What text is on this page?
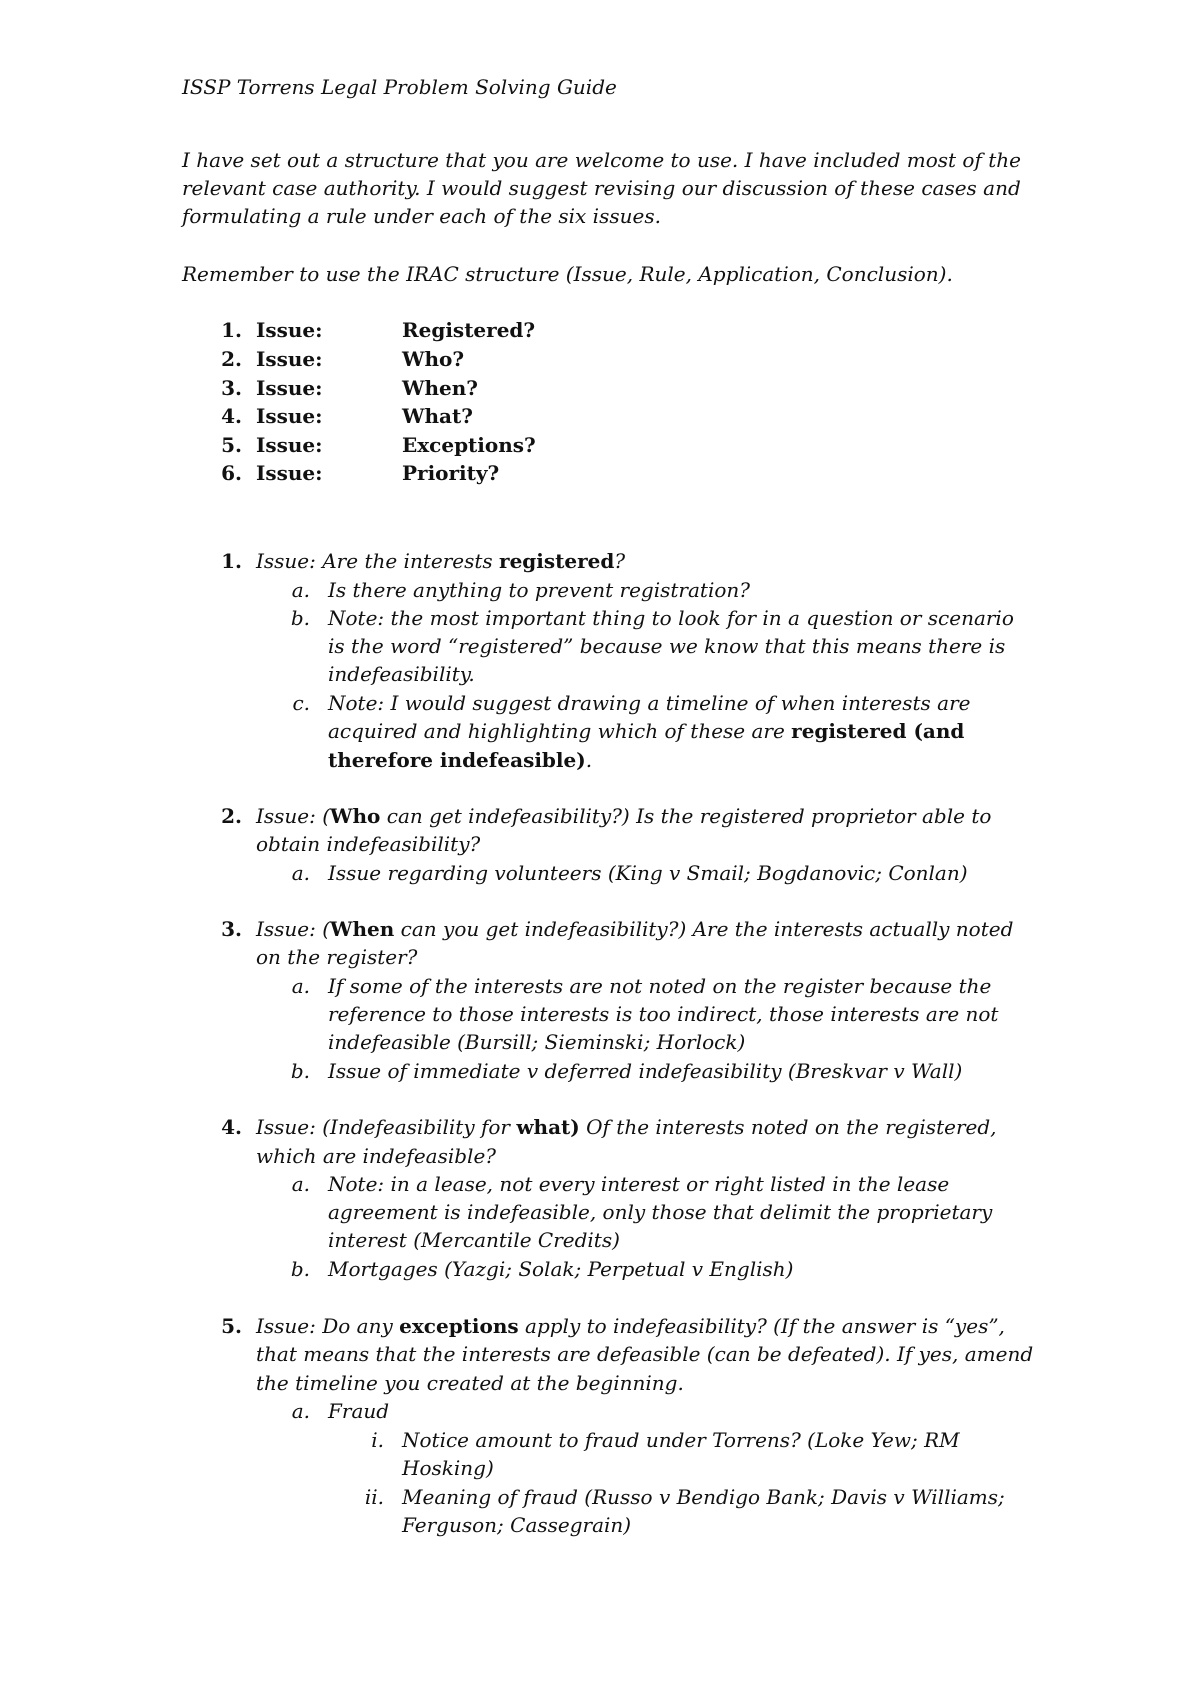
ISSP Torrens Legal Problem Solving Guide
I have set out a structure that you are welcome to use. I have included most of the
relevant case authority. I would suggest revising our discussion of these cases and
formulating a rule under each of the six issues.
Remember to use the IRAC structure (Issue, Rule, Application, Conclusion).
1. Issue:	Registered?
2. Issue:	Who?
3. Issue:	When?
4. Issue:	What?
5. Issue:	Exceptions?
6. Issue:	Priority?
1. Issue: Are the interests registered?
a. Is there anything to prevent registration?
b. Note: the most important thing to look for in a question or scenario
is the word “registered” because we know that this means there is
indefeasibility.
c. Note: I would suggest drawing a timeline of when interests are
acquired and highlighting which of these are registered (and
therefore indefeasible).
2. Issue: (Who can get indefeasibility?) Is the registered proprietor able to
obtain indefeasibility?
a. Issue regarding volunteers (King v Smail; Bogdanovic; Conlan)
3. Issue: (When can you get indefeasibility?) Are the interests actually noted
on the register?
a. If some of the interests are not noted on the register because the
reference to those interests is too indirect, those interests are not
indefeasible (Bursill; Sieminski; Horlock)
b. Issue of immediate v deferred indefeasibility (Breskvar v Wall)
4. Issue: (Indefeasibility for what) Of the interests noted on the registered,
which are indefeasible?
a. Note: in a lease, not every interest or right listed in the lease
agreement is indefeasible, only those that delimit the proprietary
interest (Mercantile Credits)
b. Mortgages (Yazgi; Solak; Perpetual v English)
5. Issue: Do any exceptions apply to indefeasibility? (If the answer is “yes”,
that means that the interests are defeasible (can be defeated). If yes, amend
the timeline you created at the beginning.
a. Fraud
i. Notice amount to fraud under Torrens? (Loke Yew; RM
Hosking)
ii. Meaning of fraud (Russo v Bendigo Bank; Davis v Williams;
Ferguson; Cassegrain)
